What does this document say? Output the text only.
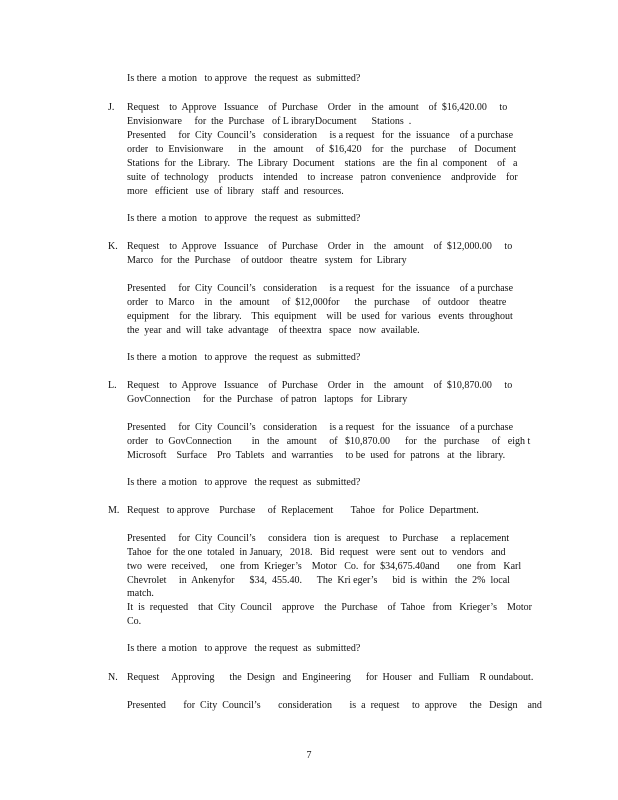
Is there  a motion   to approve   the request  as  submitted?
J. Request    to  Approve   Issuance    of  Purchase    Order   in  the  amount    of  $16,420.00     to
Envisionware     for  the  Purchase   of L ibraryDocument      Stations  .
Presented     for  City  Council’s   consideration     is a request   for  the  issuance    of a purchase
order   to  Envisionware      in   the   amount     of  $16,420    for   the   purchase     of   Document
Stations  for  the  Library.   The  Library  Document    stations   are  the  fin al  component    of   a
suite  of  technology    products    intended    to  increase   patron  convenience    andprovide    for
more   efficient   use  of  library   staff  and  resources.
Is there  a motion   to approve   the request  as  submitted?
K. Request    to  Approve   Issuance    of  Purchase    Order  in    the   amount    of  $12,000.00     to
Marco   for  the  Purchase    of outdoor   theatre   system   for  Library
Presented     for  City  Council’s   consideration     is a request   for  the  issuance    of a purchase
order   to  Marco    in   the   amount     of  $12,000for      the   purchase     of   outdoor    theatre
equipment    for  the  library.    This  equipment    will  be  used  for  various   events  throughout
the  year  and  will  take  advantage    of theextra   space   now  available.
Is there  a motion   to approve   the request  as  submitted?
L. Request    to  Approve   Issuance    of  Purchase    Order  in    the   amount    of  $10,870.00     to
GovConnection     for  the  Purchase   of patron   laptops   for  Library
Presented     for  City  Council’s   consideration     is a request   for  the  issuance    of a purchase
order   to  GovConnection        in   the   amount     of   $10,870.00      for   the   purchase     of   eigh t
Microsoft    Surface    Pro  Tablets   and  warranties     to be  used  for  patrons   at  the  library.
Is there  a motion   to approve   the request  as  submitted?
M. Request   to approve    Purchase     of  Replacement       Tahoe   for  Police  Department.
Presented     for  City  Council’s     considera   tion  is  arequest    to  Purchase     a  replacement
Tahoe  for  the one  totaled  in January,   2018.   Bid  request   were  sent  out  to  vendors   and
two  were  received,     one  from  Krieger’s    Motor   Co.  for  $34,675.40and       one  from   Karl
Chevrolet     in  Ankenyfor      $34,  455.40.      The  Kri eger’s      bid  is  within   the  2%  local
match.
It  is  requested    that  City  Council    approve    the  Purchase    of  Tahoe   from   Krieger’s    Motor
Co.
Is there  a motion   to approve   the request  as  submitted?
N. Request     Approving      the  Design   and  Engineering      for  Houser   and  Fulliam    R oundabout.
Presented       for  City  Council’s       consideration       is  a  request     to  approve     the   Design    and
7
